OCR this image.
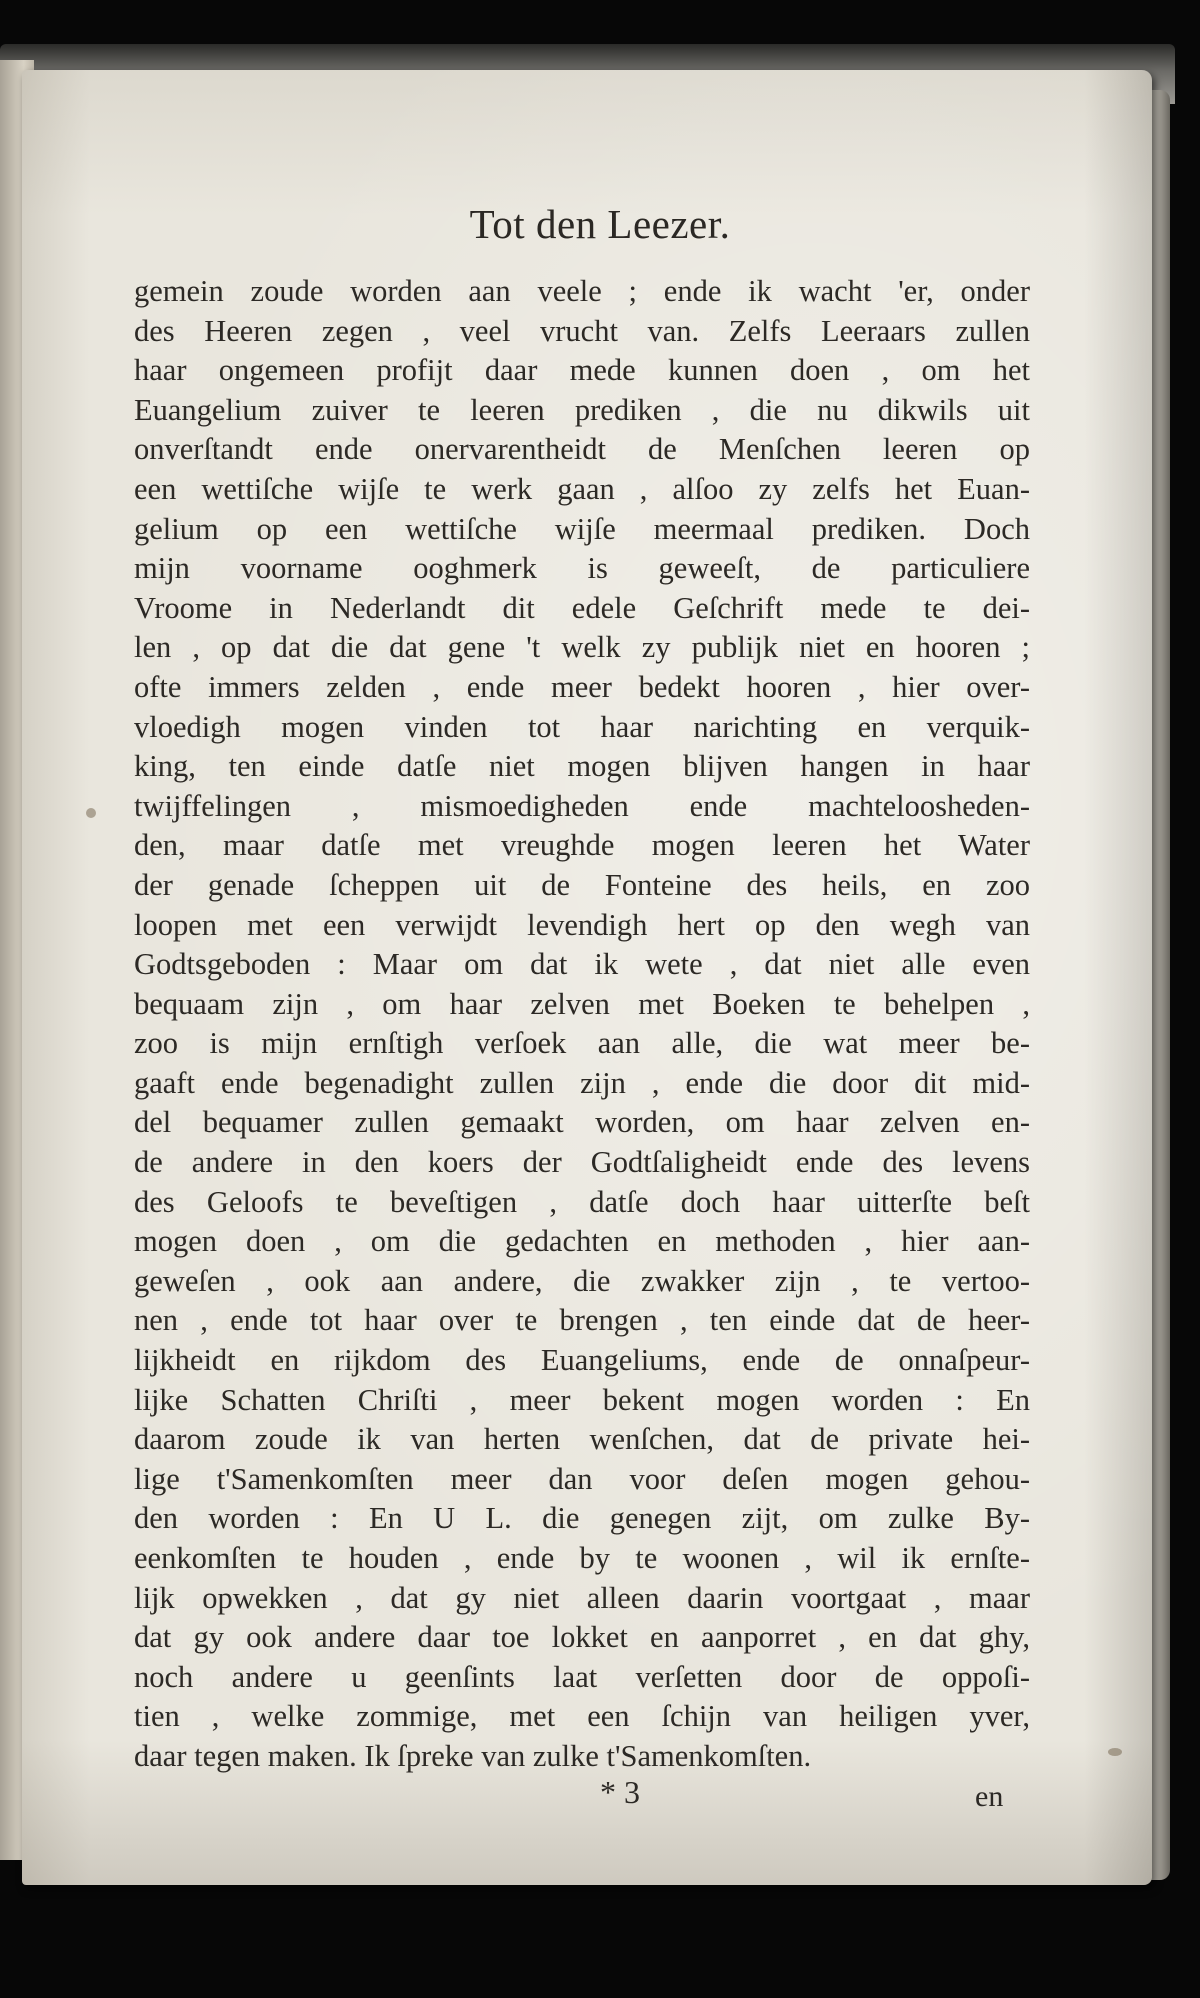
Tot den Leezer.
gemein zoude worden aan veele ; ende ik wacht 'er, onder
des Heeren zegen , veel vrucht van. Zelfs Leeraars zullen
haar ongemeen profijt daar mede kunnen doen , om het
Euangelium zuiver te leeren prediken , die nu dikwils uit
onverſtandt ende onervarentheidt de Menſchen leeren op
een wettiſche wijſe te werk gaan , alſoo zy zelfs het Euan-
gelium op een wettiſche wijſe meermaal prediken. Doch
mijn voorname ooghmerk is geweeſt, de particuliere
Vroome in Nederlandt dit edele Geſchrift mede te dei-
len , op dat die dat gene 't welk zy publijk niet en hooren ;
ofte immers zelden , ende meer bedekt hooren , hier over-
vloedigh mogen vinden tot haar narichting en verquik-
king, ten einde datſe niet mogen blijven hangen in haar
twijffelingen , mismoedigheden ende machteloosheden-
den, maar datſe met vreughde mogen leeren het Water
der genade ſcheppen uit de Fonteine des heils, en zoo
loopen met een verwijdt levendigh hert op den wegh van
Godtsgeboden : Maar om dat ik wete , dat niet alle even
bequaam zijn , om haar zelven met Boeken te behelpen ,
zoo is mijn ernſtigh verſoek aan alle, die wat meer be-
gaaft ende begenadight zullen zijn , ende die door dit mid-
del bequamer zullen gemaakt worden, om haar zelven en-
de andere in den koers der Godtſaligheidt ende des levens
des Geloofs te beveſtigen , datſe doch haar uitterſte beſt
mogen doen , om die gedachten en methoden , hier aan-
geweſen , ook aan andere, die zwakker zijn , te vertoo-
nen , ende tot haar over te brengen , ten einde dat de heer-
lijkheidt en rijkdom des Euangeliums, ende de onnaſpeur-
lijke Schatten Chriſti , meer bekent mogen worden : En
daarom zoude ik van herten wenſchen, dat de private hei-
lige t'Samenkomſten meer dan voor deſen mogen gehou-
den worden : En U L. die genegen zijt, om zulke By-
eenkomſten te houden , ende by te woonen , wil ik ernſte-
lijk opwekken , dat gy niet alleen daarin voortgaat , maar
dat gy ook andere daar toe lokket en aanporret , en dat ghy,
noch andere u geenſints laat verſetten door de oppoſi-
tien , welke zommige, met een ſchijn van heiligen yver,
daar tegen maken. Ik ſpreke van zulke t'Samenkomſten.
* 3	en
